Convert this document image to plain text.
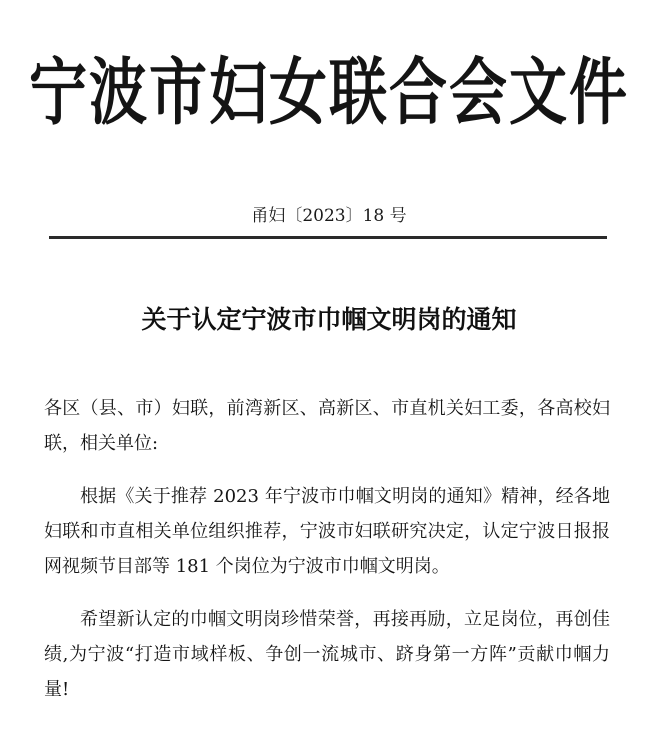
宁波市妇女联合会文件
甬妇〔2023〕18 号
关于认定宁波市巾帼文明岗的通知

各区（县、市）妇联，前湾新区、高新区、市直机关妇工委，各高校妇联，相关单位:

根据《关于推荐 2023 年宁波市巾帼文明岗的通知》精神，经各地妇联和市直相关单位组织推荐，宁波市妇联研究决定，认定宁波日报报网视频节目部等 181 个岗位为宁波市巾帼文明岗。

希望新认定的巾帼文明岗珍惜荣誉，再接再励，立足岗位，再创佳绩,为宁波“打造市域样板、争创一流城市、跻身第一方阵”贡献巾帼力量!
